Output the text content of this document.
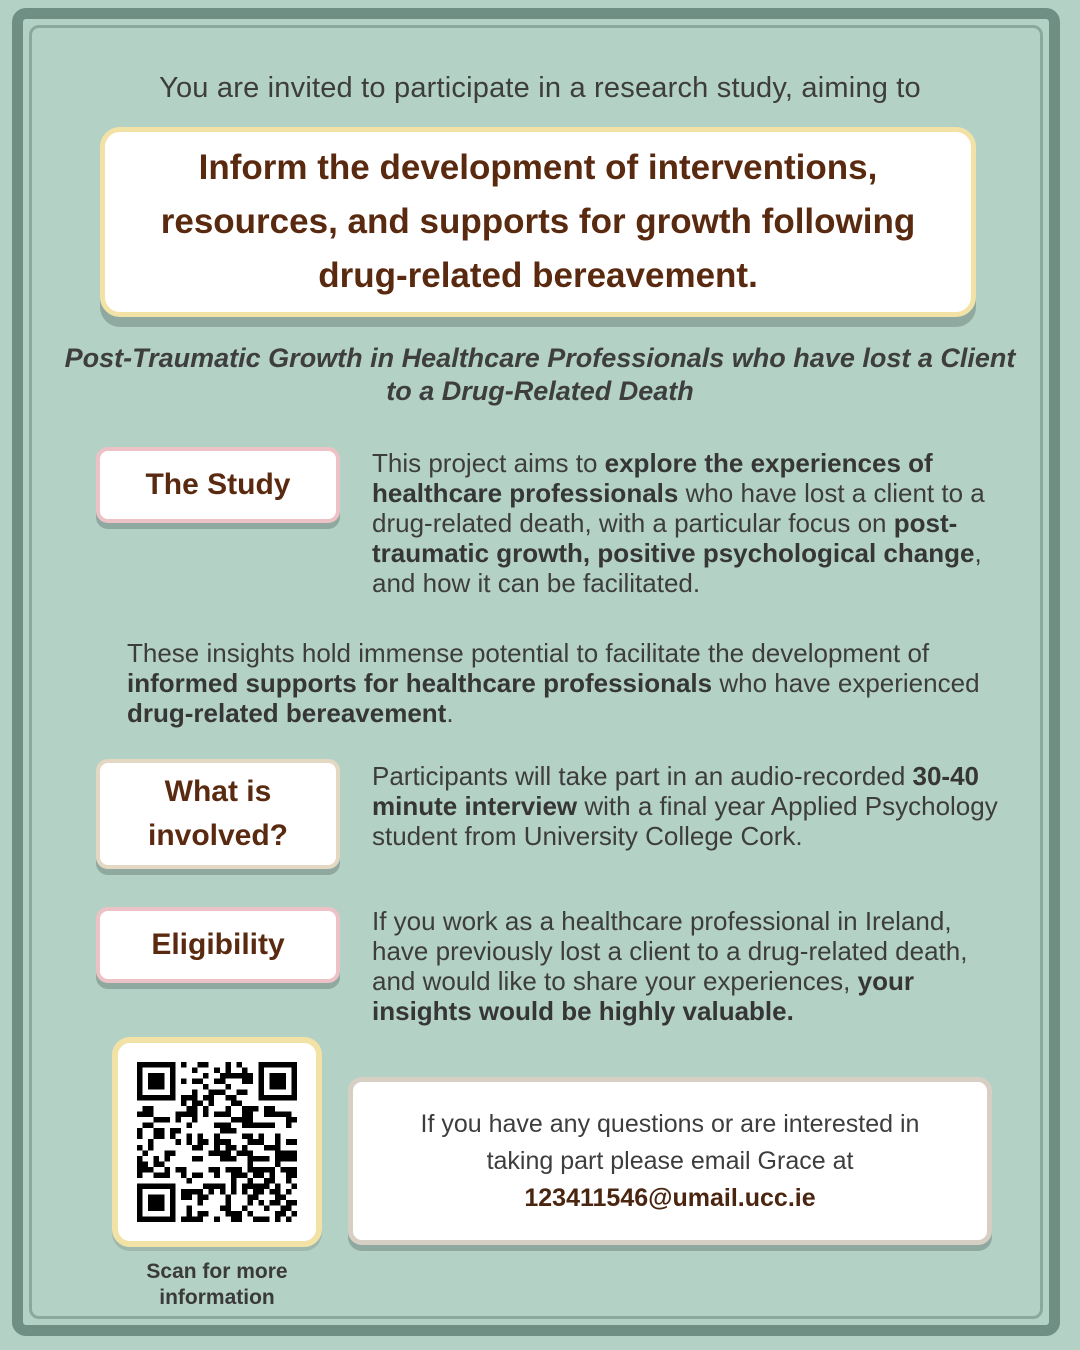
You are invited to participate in a research study, aiming to

Inform the development of interventions, resources, and supports for growth following drug-related bereavement.

Post-Traumatic Growth in Healthcare Professionals who have lost a Client to a Drug-Related Death
The Study

This project aims to explore the experiences of healthcare professionals who have lost a client to a drug-related death, with a particular focus on post-traumatic growth, positive psychological change, and how it can be facilitated.

These insights hold immense potential to facilitate the development of informed supports for healthcare professionals who have experienced drug-related bereavement.

What is
involved?

Participants will take part in an audio-recorded 30-40 minute interview with a final year Applied Psychology student from University College Cork.

Eligibility

If you work as a healthcare professional in Ireland, have previously lost a client to a drug-related death, and would like to share your experiences, your insights would be highly valuable.

Scan for more
information
If you have any questions or are interested in
taking part please email Grace at
123411546@umail.ucc.ie
